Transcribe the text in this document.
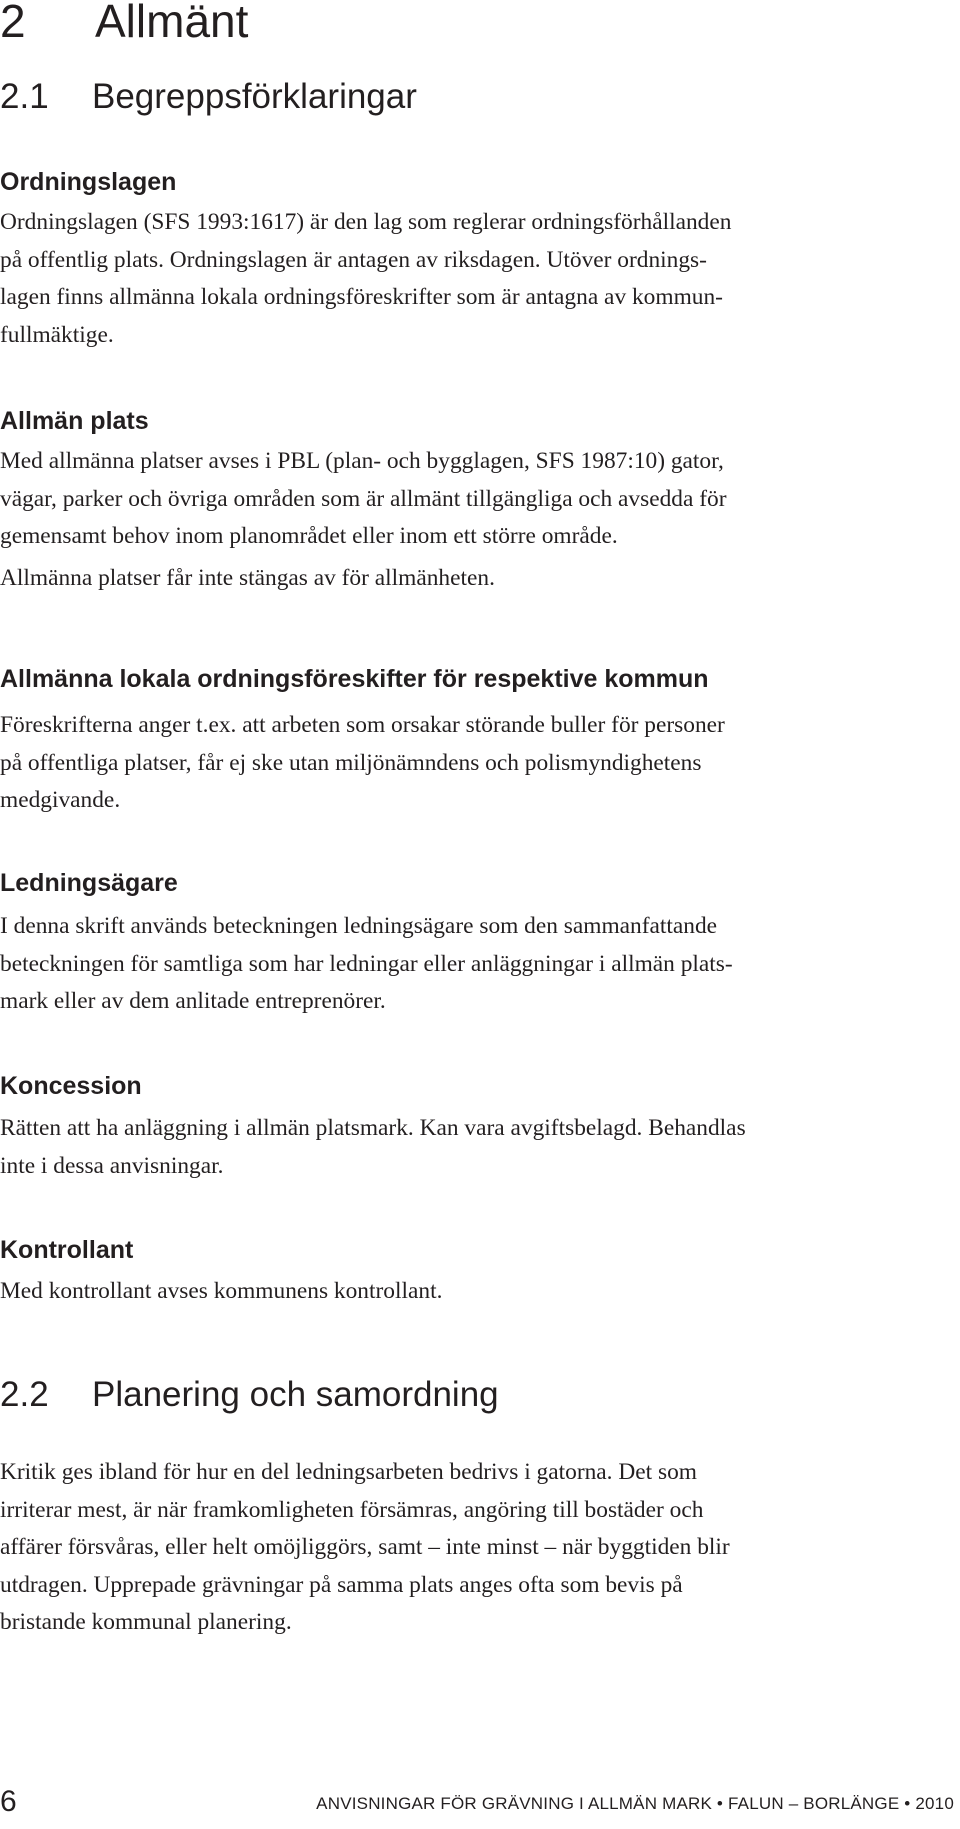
2 Allmänt
2.1 Begreppsförklaringar
Ordningslagen

Ordningslagen (SFS 1993:1617) är den lag som reglerar ordningsförhållanden
på offentlig plats. Ordningslagen är antagen av riksdagen. Utöver ordnings-
lagen finns allmänna lokala ordningsföreskrifter som är antagna av kommun-
fullmäktige.

Allmän plats

Med allmänna platser avses i PBL (plan- och bygglagen, SFS 1987:10) gator,
vägar, parker och övriga områden som är allmänt tillgängliga och avsedda för
gemensamt behov inom planområdet eller inom ett större område.
Allmänna platser får inte stängas av för allmänheten.

Allmänna lokala ordningsföreskifter för respektive kommun

Föreskrifterna anger t.ex. att arbeten som orsakar störande buller för personer
på offentliga platser, får ej ske utan miljönämndens och polismyndighetens
medgivande.

Ledningsägare

I denna skrift används beteckningen ledningsägare som den sammanfattande
beteckningen för samtliga som har ledningar eller anläggningar i allmän plats-
mark eller av dem anlitade entreprenörer.

Koncession

Rätten att ha anläggning i allmän platsmark. Kan vara avgiftsbelagd. Behandlas
inte i dessa anvisningar.

Kontrollant

Med kontrollant avses kommunens kontrollant.

2.2 Planering och samordning

Kritik ges ibland för hur en del ledningsarbeten bedrivs i gatorna. Det som
irriterar mest, är när framkomligheten försämras, angöring till bostäder och
affärer försvåras, eller helt omöjliggörs, samt – inte minst – när byggtiden blir
utdragen. Upprepade grävningar på samma plats anges ofta som bevis på
bristande kommunal planering.

6	ANVISNINGAR FÖR GRÄVNING I ALLMÄN MARK • FALUN – BORLÄNGE • 2010
